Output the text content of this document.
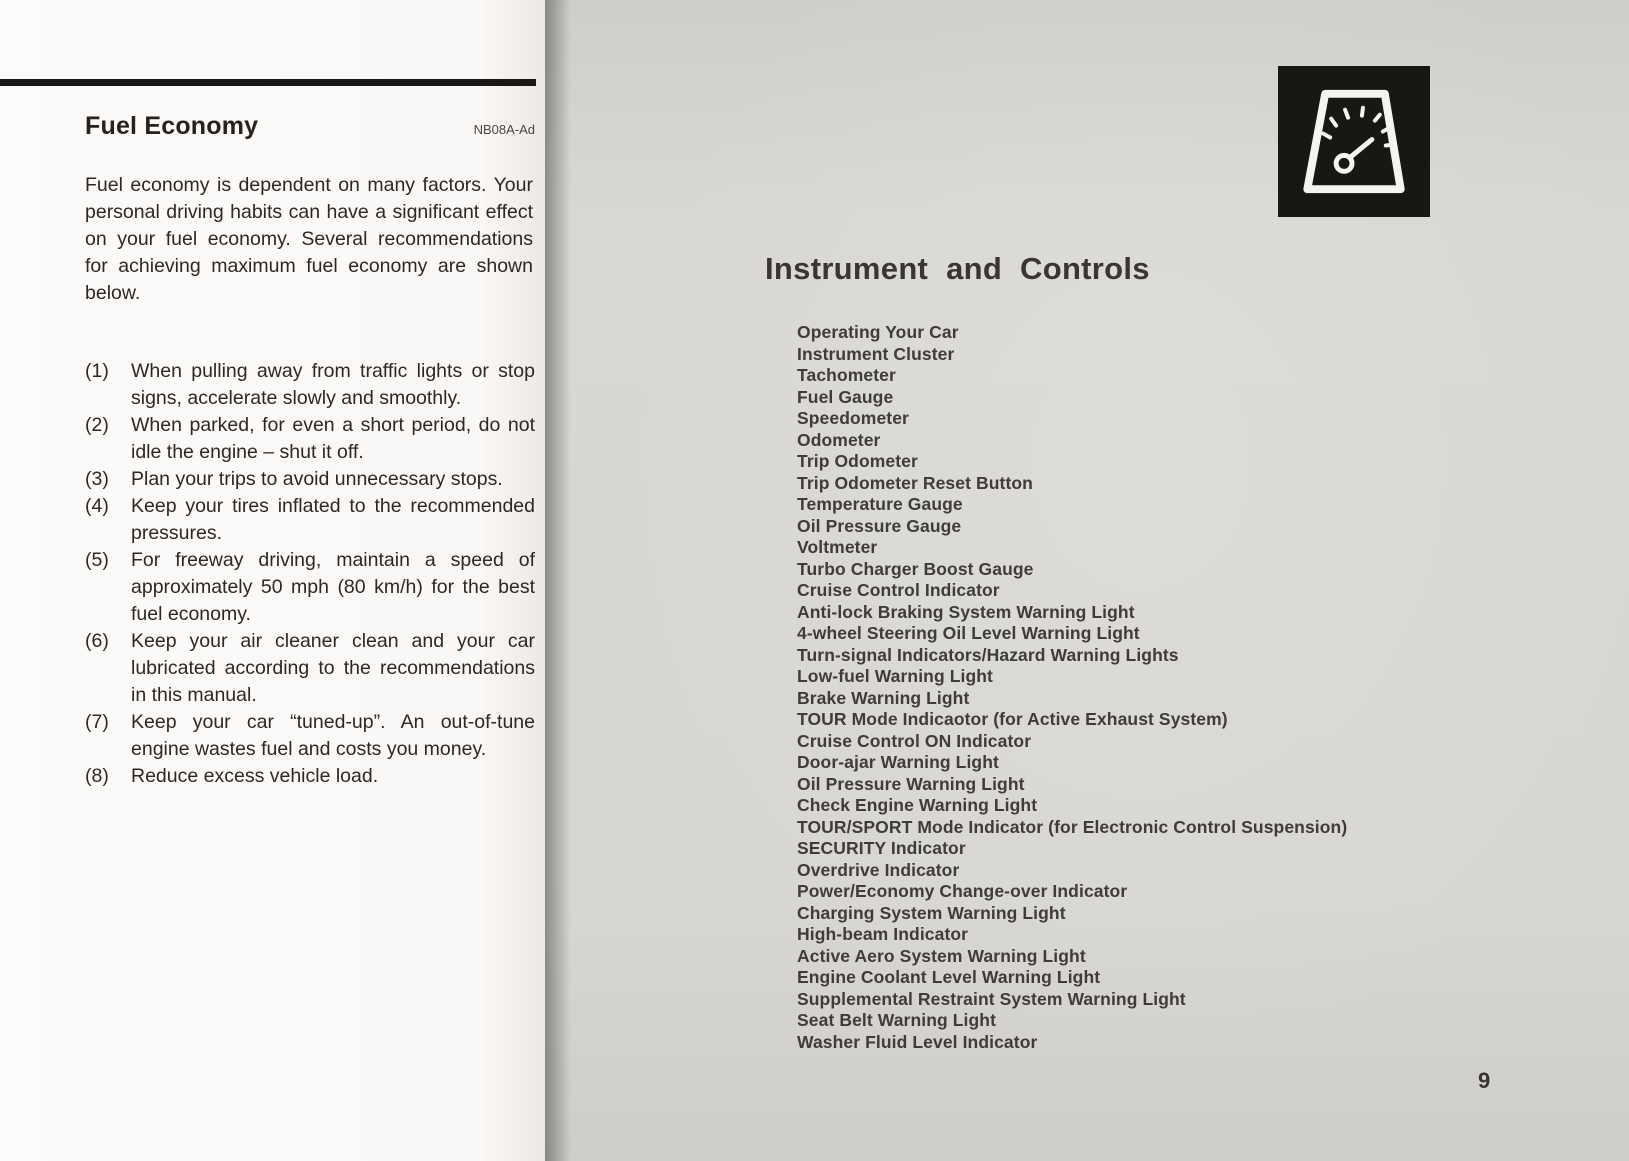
Fuel Economy	NB08A-Ad
Fuel economy is dependent on many factors. Your personal driving habits can have a significant effect on your fuel economy. Several recommendations for achieving maximum fuel economy are shown below.
(1)	When pulling away from traffic lights or stop signs, accelerate slowly and smoothly.
(2)	When parked, for even a short period, do not idle the engine – shut it off.
(3)	Plan your trips to avoid unnecessary stops.
(4)	Keep your tires inflated to the recommended pressures.
(5)	For freeway driving, maintain a speed of approximately 50 mph (80 km/h) for the best fuel economy.
(6)	Keep your air cleaner clean and your car lubricated according to the recommendations in this manual.
(7)	Keep your car “tuned-up”. An out-of-tune engine wastes fuel and costs you money.
(8)	Reduce excess vehicle load.
Instrument and Controls
Operating Your Car
Instrument Cluster
Tachometer
Fuel Gauge
Speedometer
Odometer
Trip Odometer
Trip Odometer Reset Button
Temperature Gauge
Oil Pressure Gauge
Voltmeter
Turbo Charger Boost Gauge
Cruise Control Indicator
Anti-lock Braking System Warning Light
4-wheel Steering Oil Level Warning Light
Turn-signal Indicators/Hazard Warning Lights
Low-fuel Warning Light
Brake Warning Light
TOUR Mode Indicaotor (for Active Exhaust System)
Cruise Control ON Indicator
Door-ajar Warning Light
Oil Pressure Warning Light
Check Engine Warning Light
TOUR/SPORT Mode Indicator (for Electronic Control Suspension)
SECURITY Indicator
Overdrive Indicator
Power/Economy Change-over Indicator
Charging System Warning Light
High-beam Indicator
Active Aero System Warning Light
Engine Coolant Level Warning Light
Supplemental Restraint System Warning Light
Seat Belt Warning Light
Washer Fluid Level Indicator
9
